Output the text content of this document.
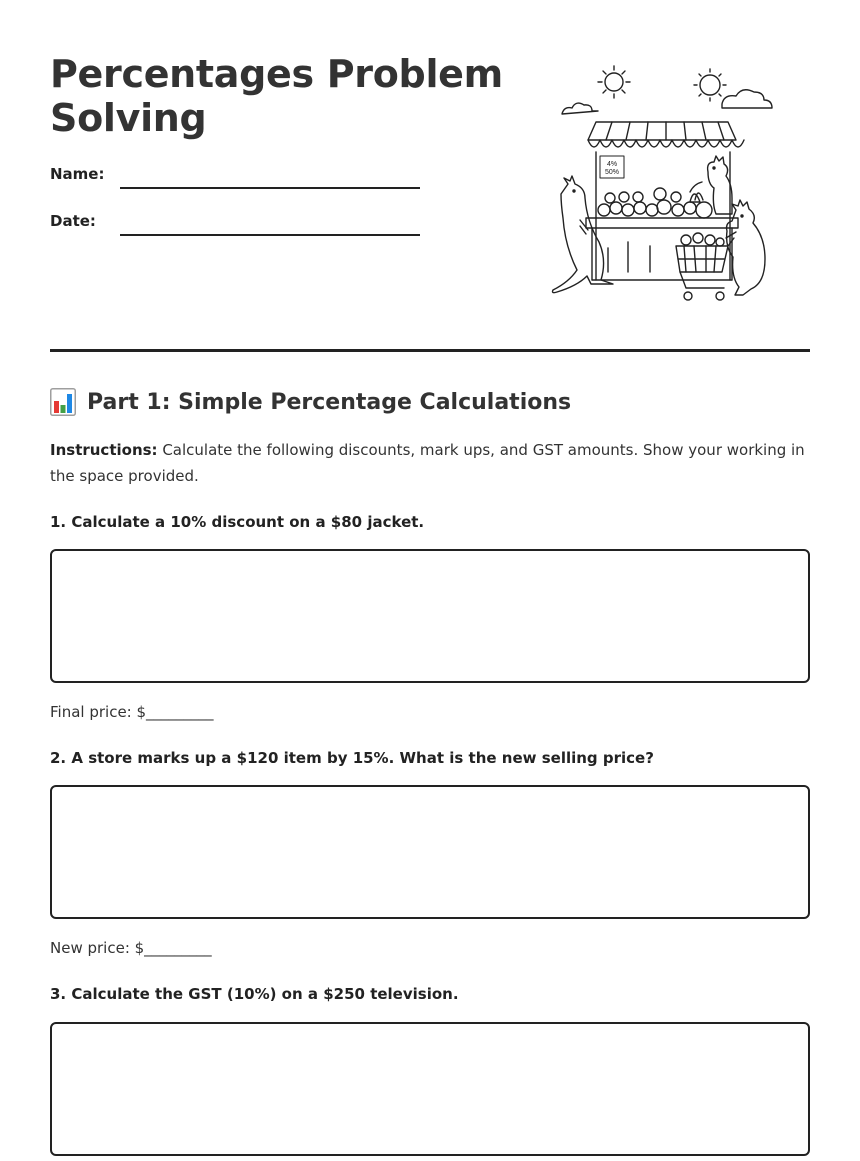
Percentages Problem Solving
Name:
Date:
4%
50%
Part 1: Simple Percentage Calculations

Instructions: Calculate the following discounts, mark ups, and GST amounts. Show your working in the space provided.

1. Calculate a 10% discount on a $80 jacket.

Final price: $_________

2. A store marks up a $120 item by 15%. What is the new selling price?

New price: $_________

3. Calculate the GST (10%) on a $250 television.
